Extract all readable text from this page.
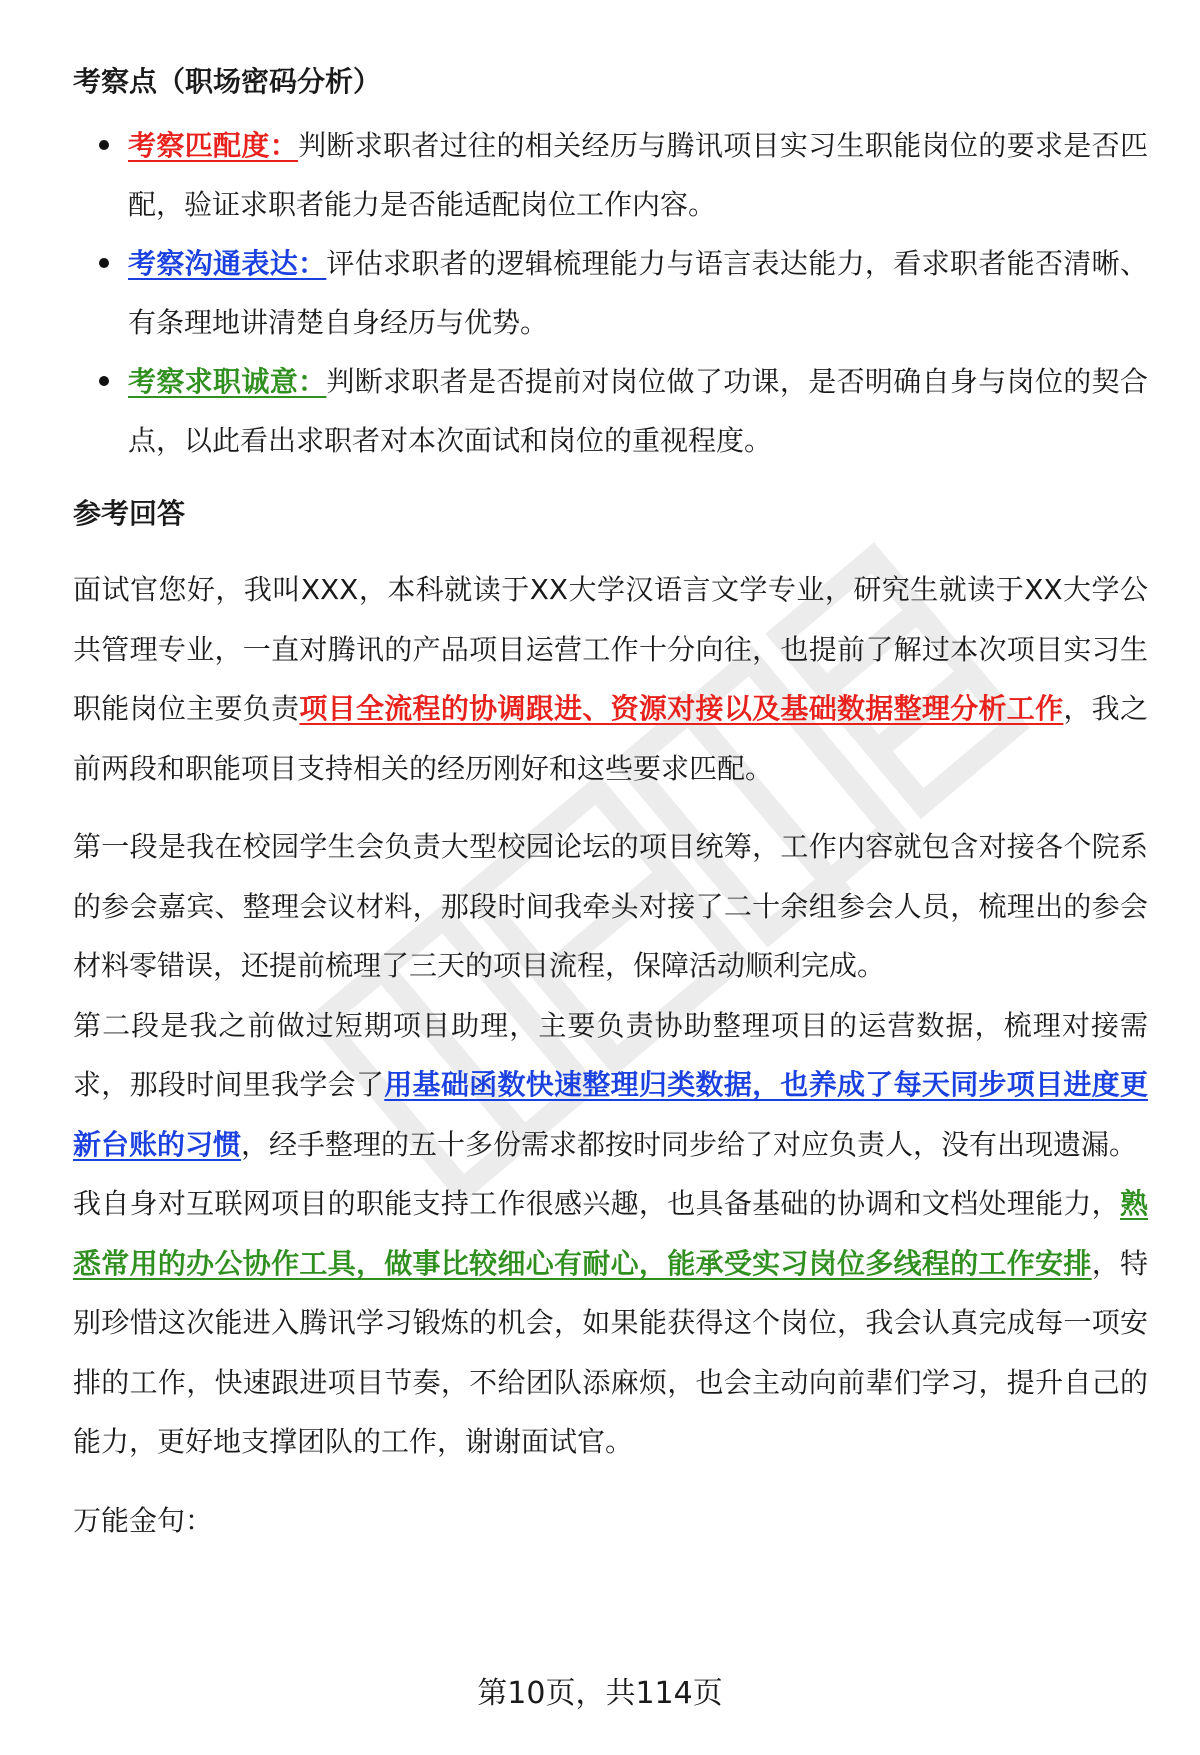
考察点（职场密码分析）
考察匹配度：判断求职者过往的相关经历与腾讯项目实习生职能岗位的要求是否匹配，验证求职者能力是否能适配岗位工作内容。
考察沟通表达：评估求职者的逻辑梳理能力与语言表达能力，看求职者能否清晰、有条理地讲清楚自身经历与优势。
考察求职诚意：判断求职者是否提前对岗位做了功课，是否明确自身与岗位的契合点，以此看出求职者对本次面试和岗位的重视程度。
参考回答

面试官您好，我叫XXX，本科就读于XX大学汉语言文学专业，研究生就读于XX大学公共管理专业，一直对腾讯的产品项目运营工作十分向往，也提前了解过本次项目实习生职能岗位主要负责项目全流程的协调跟进、资源对接以及基础数据整理分析工作，我之前两段和职能项目支持相关的经历刚好和这些要求匹配。

第一段是我在校园学生会负责大型校园论坛的项目统筹，工作内容就包含对接各个院系的参会嘉宾、整理会议材料，那段时间我牵头对接了二十余组参会人员，梳理出的参会材料零错误，还提前梳理了三天的项目流程，保障活动顺利完成。

第二段是我之前做过短期项目助理，主要负责协助整理项目的运营数据，梳理对接需求，那段时间里我学会了用基础函数快速整理归类数据，也养成了每天同步项目进度更新台账的习惯，经手整理的五十多份需求都按时同步给了对应负责人，没有出现遗漏。

我自身对互联网项目的职能支持工作很感兴趣，也具备基础的协调和文档处理能力，熟悉常用的办公协作工具，做事比较细心有耐心，能承受实习岗位多线程的工作安排，特别珍惜这次能进入腾讯学习锻炼的机会，如果能获得这个岗位，我会认真完成每一项安排的工作，快速跟进项目节奏，不给团队添麻烦，也会主动向前辈们学习，提升自己的能力，更好地支撑团队的工作，谢谢面试官。

万能金句：

第10页，共114页
